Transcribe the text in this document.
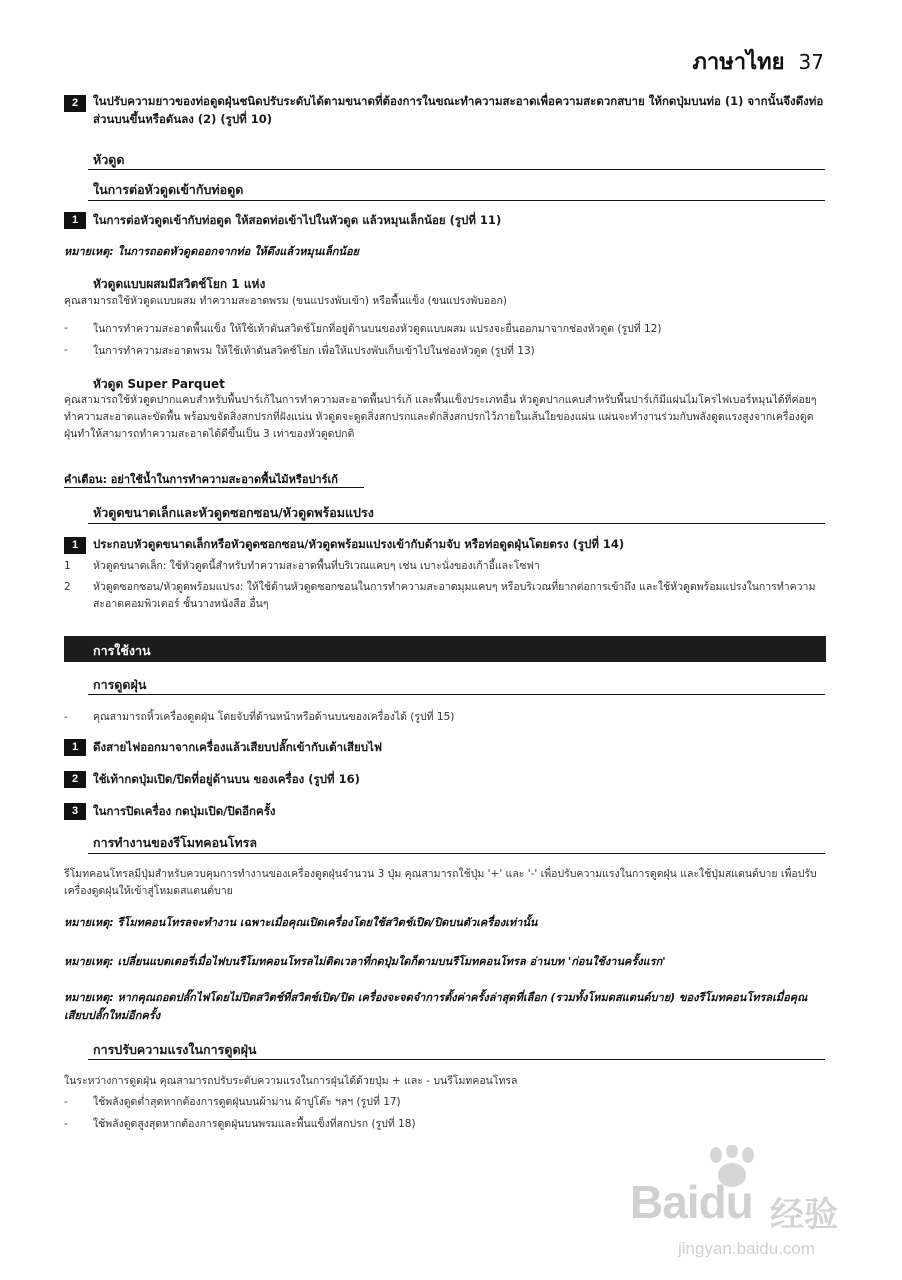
ภาษาไทย 37
2	ในปรับความยาวของท่อดูดฝุ่นชนิดปรับระดับได้ตามขนาดที่ต้องการในขณะทำความสะอาดเพื่อความสะดวกสบาย ให้กดปุ่มบนท่อ (1) จากนั้นจึงดึงท่อส่วนบนขึ้นหรือดันลง (2) (รูปที่ 10)
หัวดูด
ในการต่อหัวดูดเข้ากับท่อดูด
1	ในการต่อหัวดูดเข้ากับท่อดูด ให้สอดท่อเข้าไปในหัวดูด แล้วหมุนเล็กน้อย (รูปที่ 11)
หมายเหตุ: ในการถอดหัวดูดออกจากท่อ ให้ดึงแล้วหมุนเล็กน้อย
หัวดูดแบบผสมมีสวิตช์โยก 1 แห่ง
คุณสามารถใช้หัวดูดแบบผสม ทำความสะอาดพรม (ขนแปรงพับเข้า) หรือพื้นแข็ง (ขนแปรงพับออก)
- ในการทำความสะอาดพื้นแข็ง ให้ใช้เท้าดันสวิตช์โยกที่อยู่ด้านบนของหัวดูดแบบผสม แปรงจะยื่นออกมาจากช่องหัวดูด (รูปที่ 12)
- ในการทำความสะอาดพรม ให้ใช้เท้าดันสวิตช์โยก เพื่อให้แปรงพับเก็บเข้าไปในช่องหัวดูด (รูปที่ 13)
หัวดูด Super Parquet
คุณสามารถใช้หัวดูดปากแคบสำหรับพื้นปาร์เก้ในการทำความสะอาดพื้นปาร์เก้ และพื้นแข็งประเภทอื่น หัวดูดปากแคบสำหรับพื้นปาร์เก้มีแผ่นไมโครไฟเบอร์หมุนได้ที่ค่อยๆ ทำความสะอาดและขัดพื้น พร้อมขจัดสิ่งสกปรกที่ฝังแน่น หัวดูดจะดูดสิ่งสกปรกและดักสิ่งสกปรกไว้ภายในเส้นใยของแผ่น แผ่นจะทำงานร่วมกับพลังดูดแรงสูงจากเครื่องดูดฝุ่นทำให้สามารถทำความสะอาดได้ดีขึ้นเป็น 3 เท่าของหัวดูดปกติ
คำเตือน: อย่าใช้น้ำในการทำความสะอาดพื้นไม้หรือปาร์เก้
หัวดูดขนาดเล็กและหัวดูดซอกซอน/หัวดูดพร้อมแปรง
1	ประกอบหัวดูดขนาดเล็กหรือหัวดูดซอกซอน/หัวดูดพร้อมแปรงเข้ากับด้ามจับ หรือท่อดูดฝุ่นโดยตรง (รูปที่ 14)
1 หัวดูดขนาดเล็ก: ใช้หัวดูดนี้สำหรับทำความสะอาดพื้นที่บริเวณแคบๆ เช่น เบาะนั่งของเก้าอี้และโซฟา
2 หัวดูดซอกซอน/หัวดูดพร้อมแปรง: ให้ใช้ด้านหัวดูดซอกซอนในการทำความสะอาดมุมแคบๆ หรือบริเวณที่ยากต่อการเข้าถึง และใช้หัวดูดพร้อมแปรงในการทำความสะอาดคอมพิวเตอร์ ชั้นวางหนังสือ อื่นๆ
การใช้งาน
การดูดฝุ่น
- คุณสามารถหิ้วเครื่องดูดฝุ่น โดยจับที่ด้านหน้าหรือด้านบนของเครื่องได้ (รูปที่ 15)
1	ดึงสายไฟออกมาจากเครื่องแล้วเสียบปลั๊กเข้ากับเต้าเสียบไฟ
2	ใช้เท้ากดปุ่มเปิด/ปิดที่อยู่ด้านบน ของเครื่อง (รูปที่ 16)
3	ในการปิดเครื่อง กดปุ่มเปิด/ปิดอีกครั้ง
การทำงานของรีโมทคอนโทรล
รีโมทคอนโทรลมีปุ่มสำหรับควบคุมการทำงานของเครื่องดูดฝุ่นจำนวน 3 ปุ่ม คุณสามารถใช้ปุ่ม '+' และ '-' เพื่อปรับความแรงในการดูดฝุ่น และใช้ปุ่มสแตนด์บาย เพื่อปรับเครื่องดูดฝุ่นให้เข้าสู่โหมดสแตนด์บาย
หมายเหตุ: รีโมทคอนโทรลจะทำงาน เฉพาะเมื่อคุณเปิดเครื่องโดยใช้สวิตช์เปิด/ปิดบนตัวเครื่องเท่านั้น
หมายเหตุ: เปลี่ยนแบตเตอรี่เมื่อไฟบนรีโมทคอนโทรลไม่ติดเวลาที่กดปุ่มใดก็ตามบนรีโมทคอนโทรล อ่านบท 'ก่อนใช้งานครั้งแรก'
หมายเหตุ: หากคุณถอดปลั๊กไฟโดยไม่ปิดสวิตช์ที่สวิตช์เปิด/ปิด เครื่องจะจดจำการตั้งค่าครั้งล่าสุดที่เลือก (รวมทั้งโหมดสแตนด์บาย) ของรีโมทคอนโทรลเมื่อคุณเสียบปลั๊กใหม่อีกครั้ง
การปรับความแรงในการดูดฝุ่น
ในระหว่างการดูดฝุ่น คุณสามารถปรับระดับความแรงในการฝุ่นได้ด้วยปุ่ม + และ - บนรีโมทคอนโทรล
- ใช้พลังดูดต่ำสุดหากต้องการดูดฝุ่นบนผ้าม่าน ผ้าปูโต๊ะ ฯลฯ (รูปที่ 17)
- ใช้พลังดูดสูงสุดหากต้องการดูดฝุ่นบนพรมและพื้นแข็งที่สกปรก (รูปที่ 18)
Baidu 经验
jingyan.baidu.com
